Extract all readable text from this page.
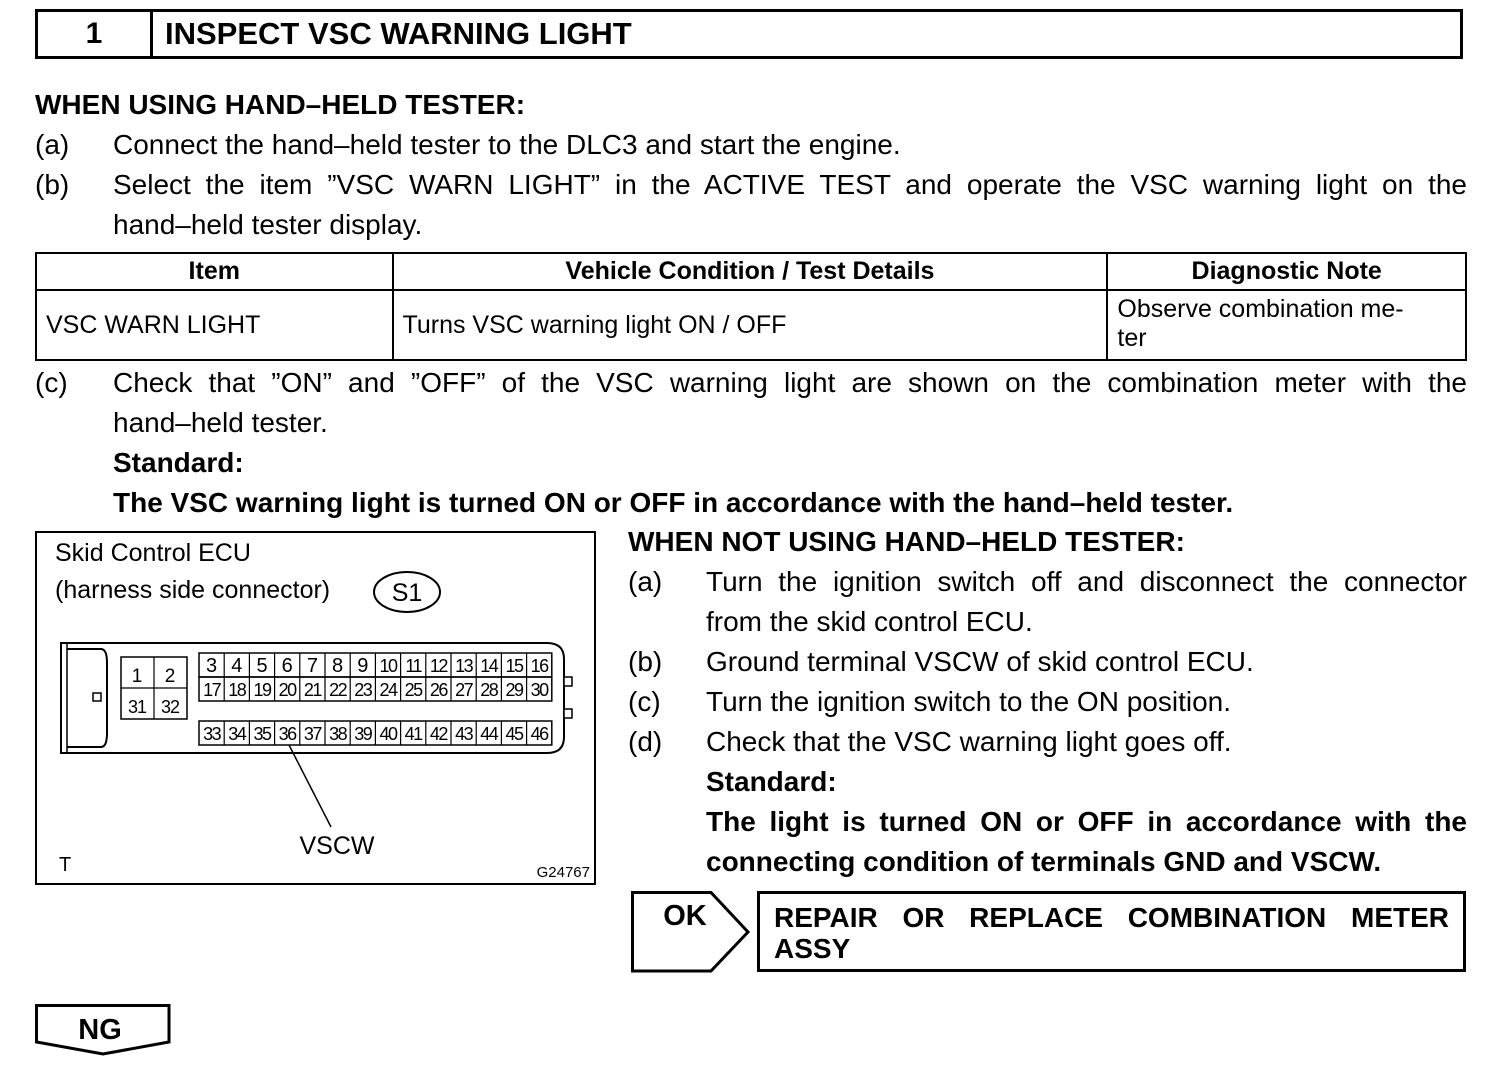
1	INSPECT VSC WARNING LIGHT
WHEN USING HAND–HELD TESTER:
(a) Connect the hand–held tester to the DLC3 and start the engine.
(b) Select the item ”VSC WARN LIGHT” in the ACTIVE TEST and operate the VSC warning light on the
hand–held tester display.
Item	Vehicle Condition / Test Details	Diagnostic Note
VSC WARN LIGHT	Turns VSC warning light ON / OFF	Observe combination me-
ter
(c) Check that ”ON” and ”OFF” of the VSC warning light are shown on the combination meter with the
hand–held tester.
Standard:
The VSC warning light is turned ON or OFF in accordance with the hand–held tester.
Skid Control ECU
(harness side connector) S1
1 2
31 32
3 4 5 6 7 8 9 10 11 12 13 14 15 16
17 18 19 20 21 22 23 24 25 26 27 28 29 30
33 34 35 36 37 38 39 40 41 42 43 44 45 46
VSCW
T	G24767
WHEN NOT USING HAND–HELD TESTER:
(a) Turn the ignition switch off and disconnect the connector
from the skid control ECU.
(b) Ground terminal VSCW of skid control ECU.
(c) Turn the ignition switch to the ON position.
(d) Check that the VSC warning light goes off.
Standard:
The light is turned ON or OFF in accordance with the
connecting condition of terminals GND and VSCW.
OK REPAIR OR REPLACE COMBINATION METER
ASSY
NG
